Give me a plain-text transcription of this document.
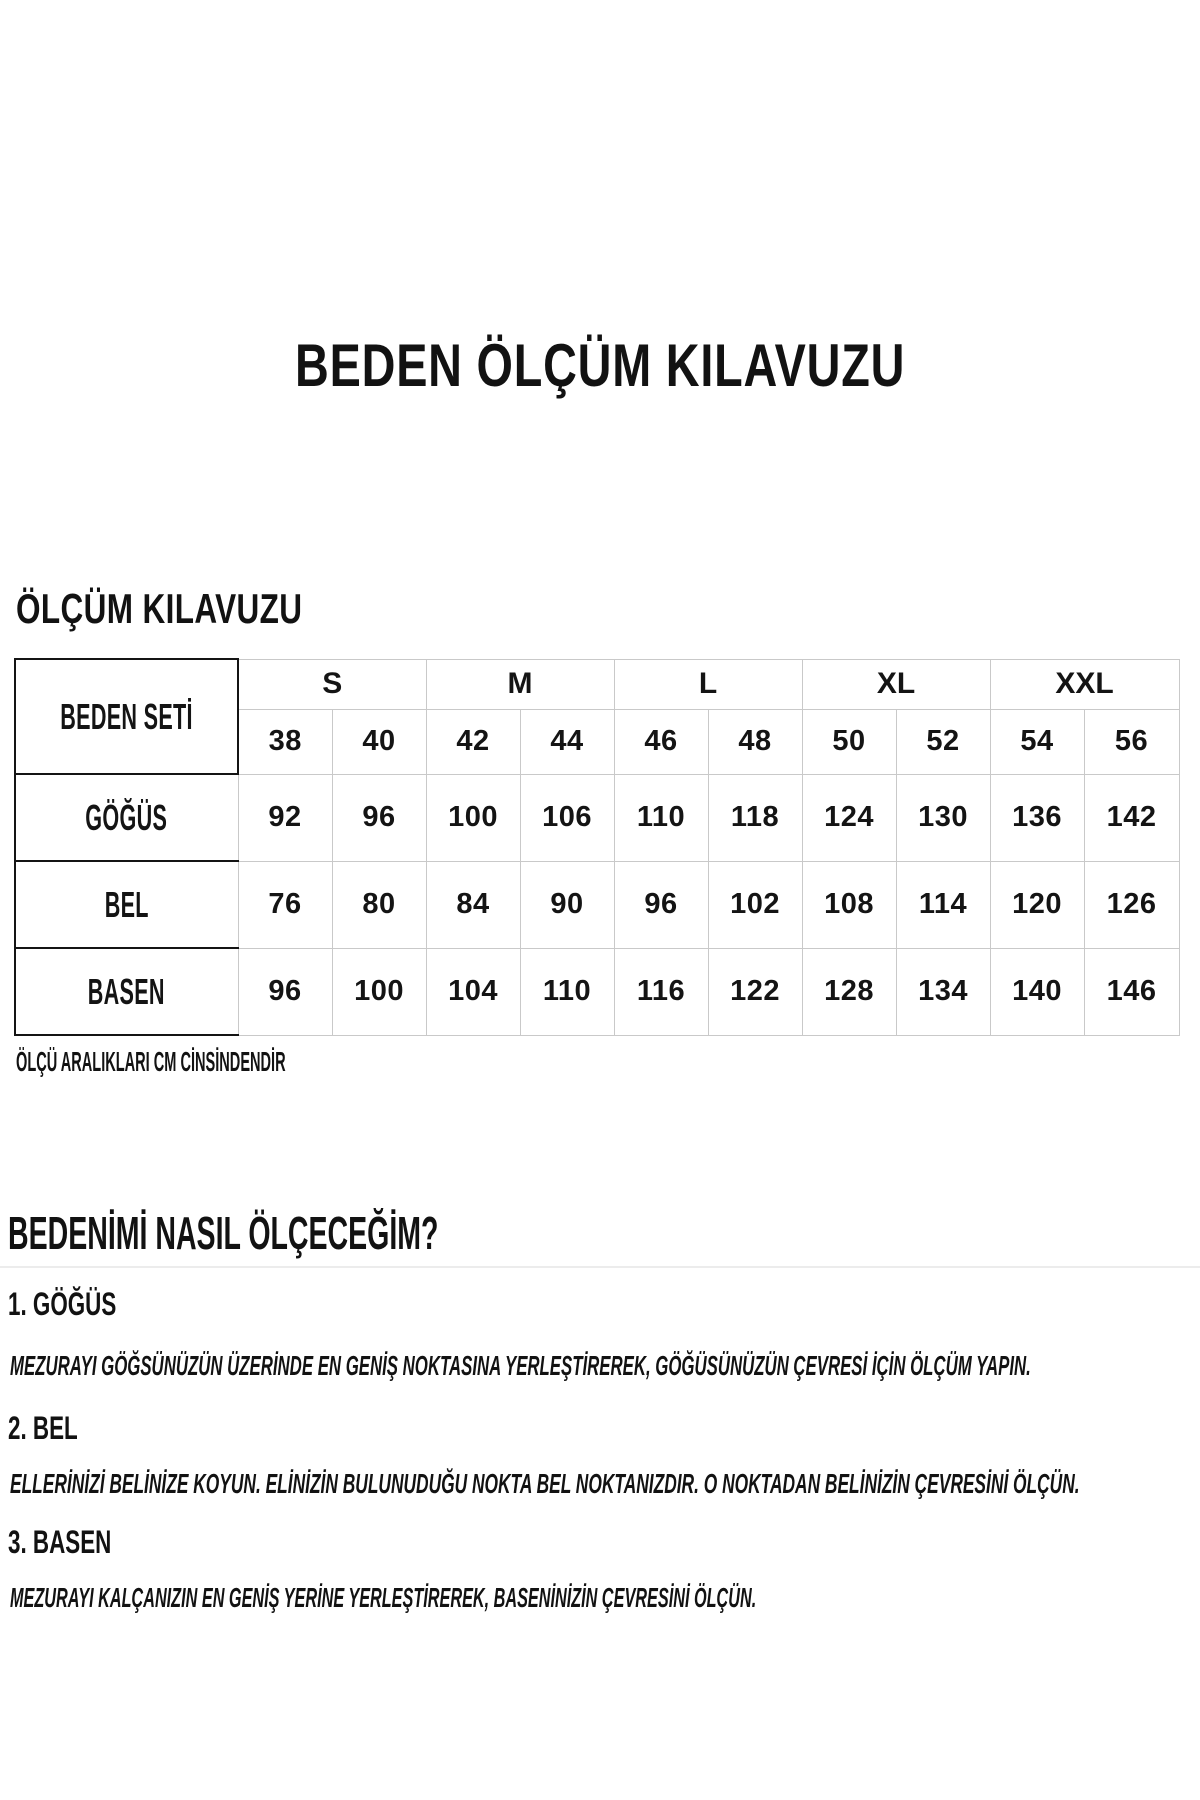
BEDEN ÖLÇÜM KILAVUZU
ÖLÇÜM KILAVUZU
BEDEN SETİ	S		M		L		XL		XXL	
	38	40	42	44	46	48	50	52	54	56
GÖĞÜS	92	96	100	106	110	118	124	130	136	142
BEL	76	80	84	90	96	102	108	114	120	126
BASEN	96	100	104	110	116	122	128	134	140	146
ÖLÇÜ ARALIKLARI CM CİNSİNDENDİR
BEDENİMİ NASIL ÖLÇECEĞİM?
1. GÖĞÜS
MEZURAYI GÖĞSÜNÜZÜN ÜZERİNDE EN GENİŞ NOKTASINA YERLEŞTİREREK, GÖĞÜSÜNÜZÜN ÇEVRESİ İÇİN ÖLÇÜM YAPIN.
2. BEL
ELLERİNİZİ BELİNİZE KOYUN. ELİNİZİN BULUNUDUĞU NOKTA BEL NOKTANIZDIR. O NOKTADAN BELİNİZİN ÇEVRESİNİ ÖLÇÜN.
3. BASEN
MEZURAYI KALÇANIZIN EN GENİŞ YERİNE YERLEŞTİREREK, BASENİNİZİN ÇEVRESİNİ ÖLÇÜN.
